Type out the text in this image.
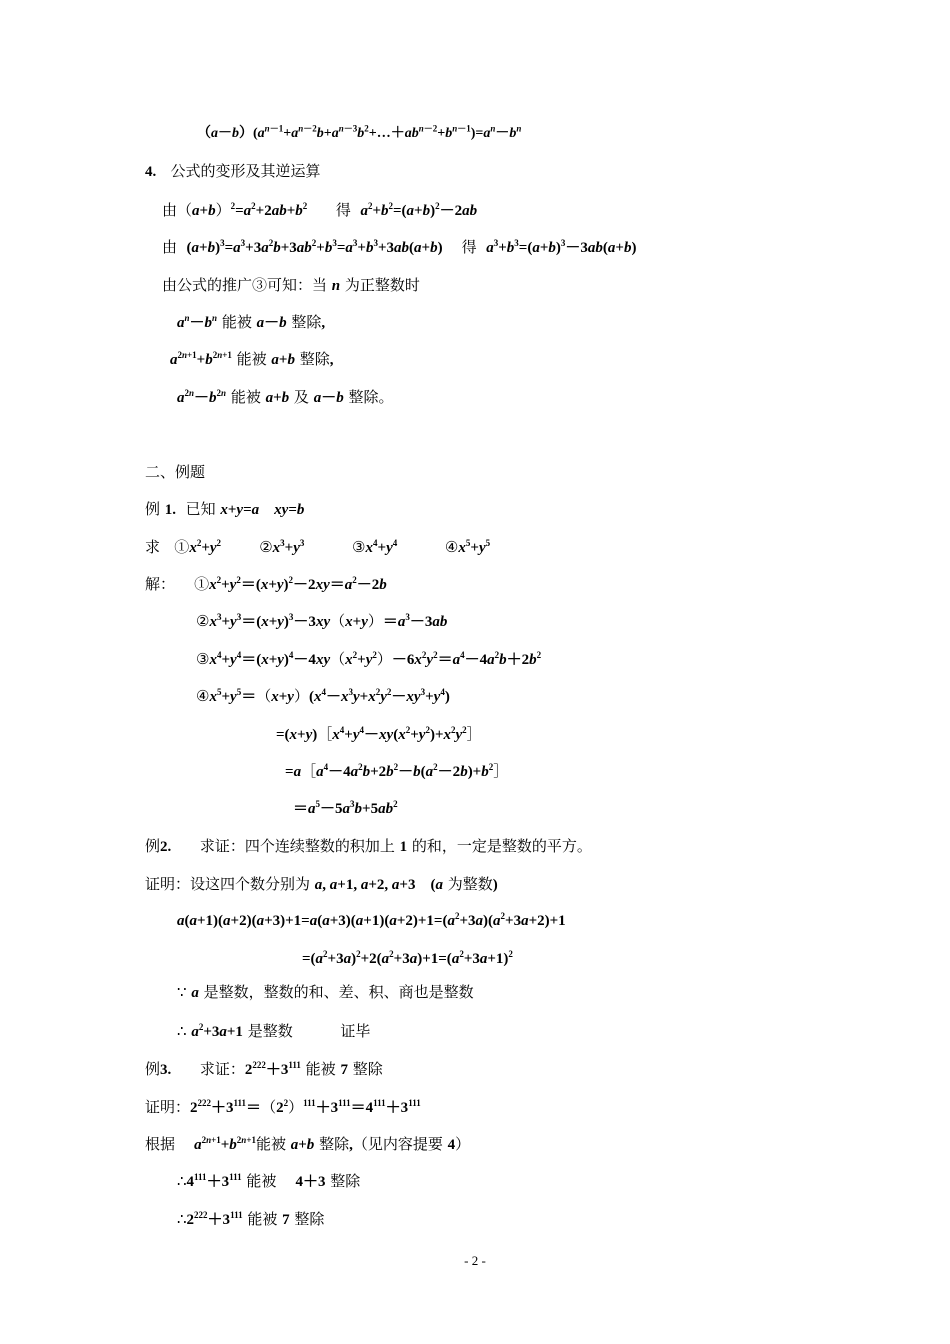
$(a-b)(a^{n-1}+a^{n-2}b+a^{n-3}b^2+\dots+ab^{n-2}+b^{n-1})=a^n-b^n$
4.   公式的变形及其逆运算
由$(a+b)^2=a^2+2ab+b^2$      得  $a^2+b^2=(a+b)^2-2ab$
由  $(a+b)^3=a^3+3a^2b+3ab^2+b^3=a^3+b^3+3ab(a+b)$    得  $a^3+b^3=(a+b)^3-3ab(a+b)$
由公式的推广③可知：当 n 为正整数时
$a^n-b^n$ 能被 a－b 整除,
$a^{2n+1}+b^{2n+1}$ 能被 a+b 整除,
$a^{2n}-b^{2n}$ 能被 a+b 及 a－b 整除。
二、例题
例 1.  已知 x+y=a xy=b
求   $①x^2+y^2$        $②x^3+y^3$          $③x^4+y^4$          $④x^5+y^5$
解：    $①x^2+y^2=(x+y)^2-2xy=a^2-2b$
$②x^3+y^3=(x+y)^3-3xy(x+y)=a^3-3ab$
$③x^4+y^4=(x+y)^4-4xy(x^2+y^2)-6x^2y^2=a^4-4a^2b+2b^2$
$④x^5+y^5=(x+y)(x^4-x^3y+x^2y^2-xy^3+y^4)$
$=(x+y)[x^4+y^4-xy(x^2+y^2)+x^2y^2]$
$=a[a^4-4a^2b+2b^2-b(a^2-2b)+b^2]$
$=a^5-5a^3b+5ab^2$
例2.      求证：四个连续整数的积加上 1 的和，一定是整数的平方。
证明：设这四个数分别为 a, a+1, a+2, a+3    (a 为整数)
$a(a+1)(a+2)(a+3)+1=a(a+3)(a+1)(a+2)+1=(a^2+3a)(a^2+3a+2)+1$
$=(a^2+3a)^2+2(a^2+3a)+1=(a^2+3a+1)^2$
∵ a 是整数，整数的和、差、积、商也是整数
∴ $a^2+3a+1$ 是整数          证毕
例3.      求证：$2^{222}+3^{111}$ 能被 7 整除
证明：$2^{222}+3^{111}=(2^2)^{111}+3^{111}=4^{111}+3^{111}$
根据    $a^{2n+1}+b^{2n+1}$能被 a+b 整除,（见内容提要 4）
$\therefore 4^{111}+3^{111}$ 能被    4＋3 整除
$\therefore 2^{222}+3^{111}$ 能被 7 整除
- 2 -
